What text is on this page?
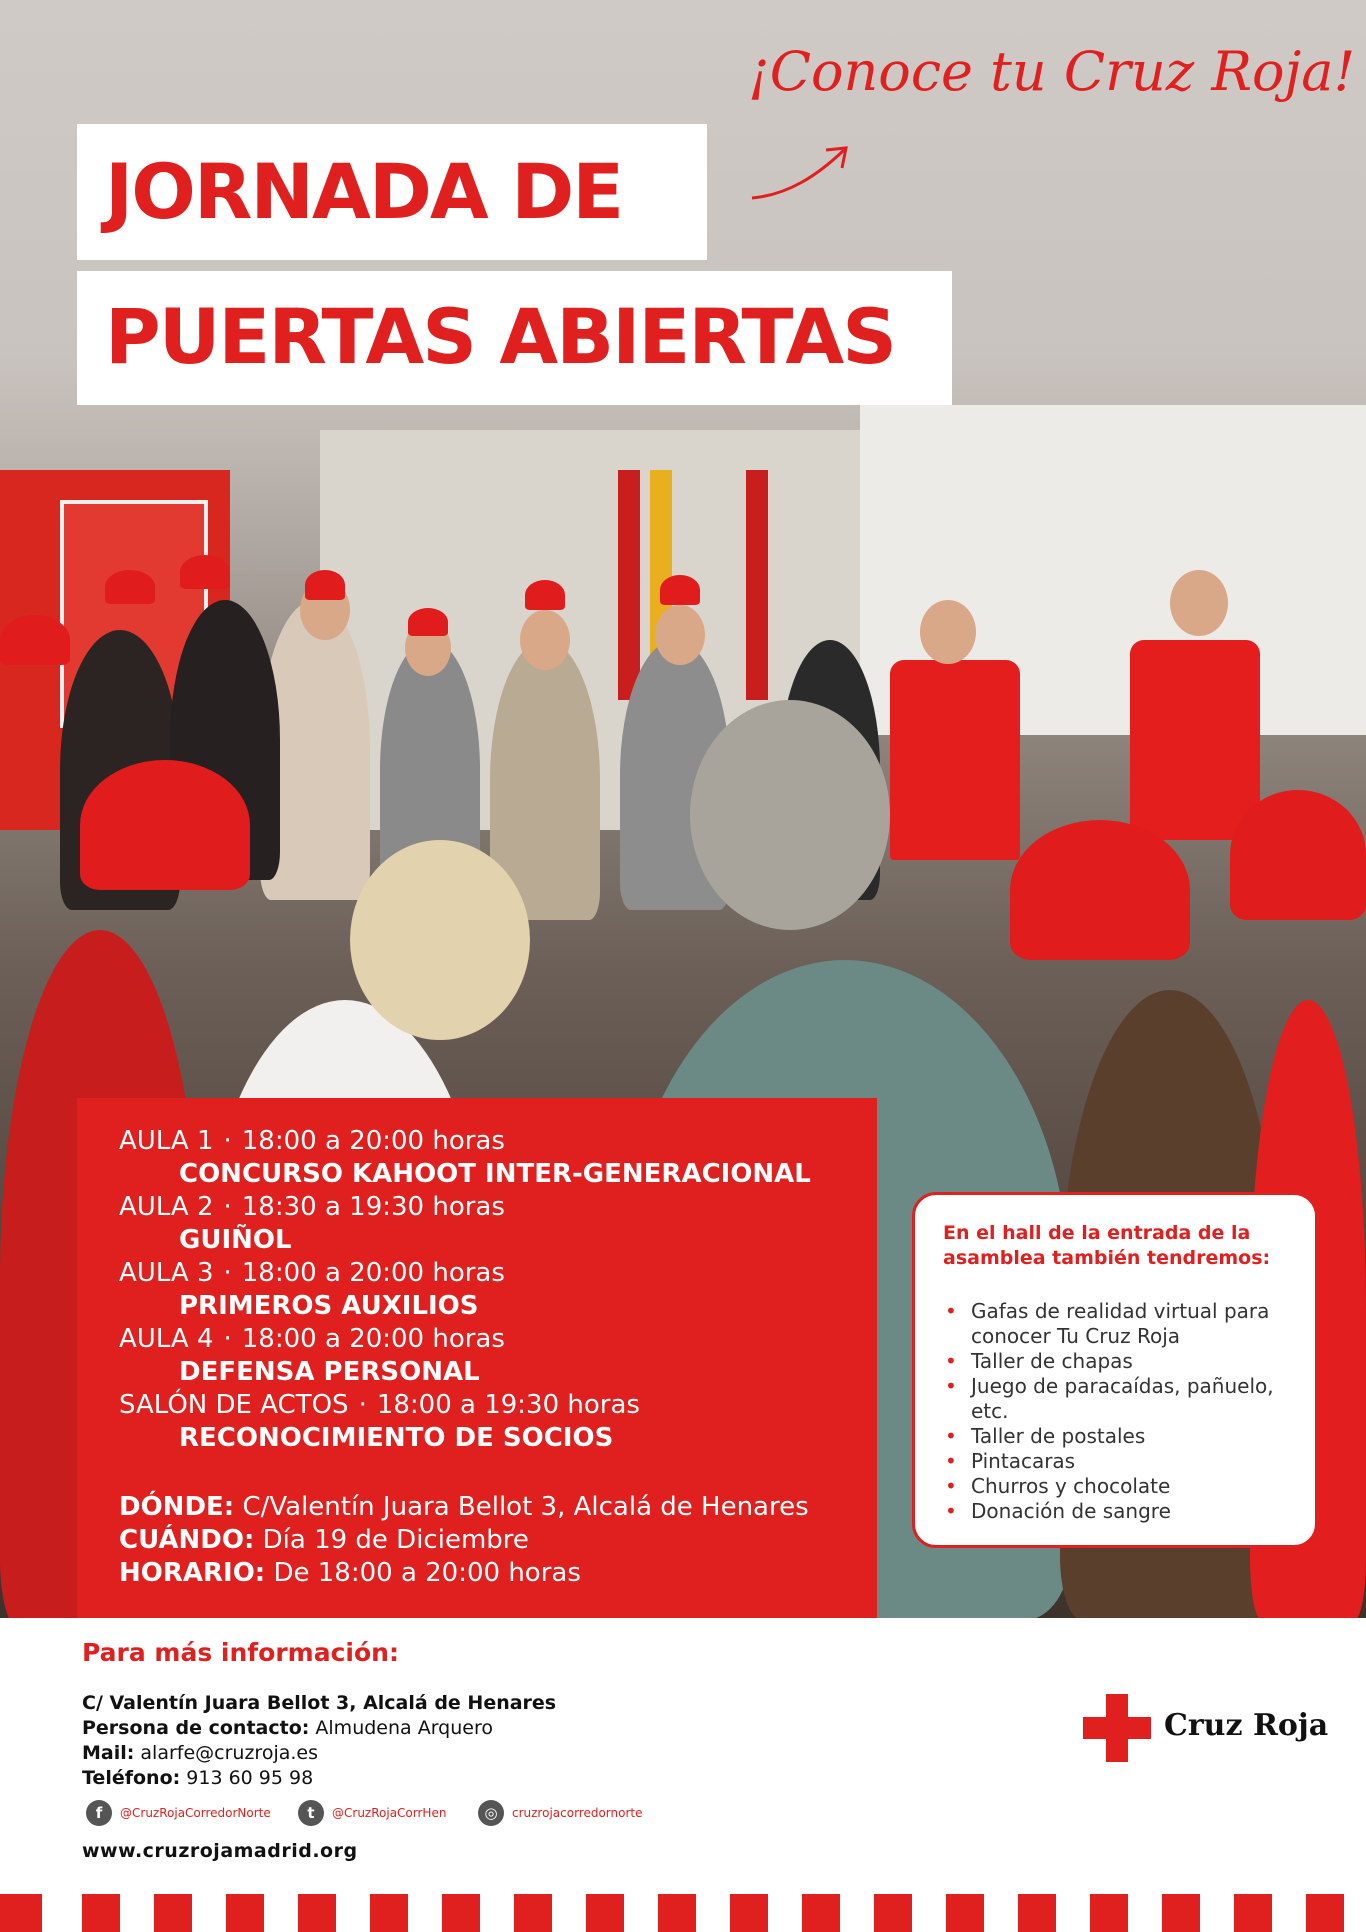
¡Conoce tu Cruz Roja!
JORNADA DE
PUERTAS ABIERTAS
AULA 1 · 18:00 a 20:00 horas
CONCURSO KAHOOT INTER-GENERACIONAL
AULA 2 · 18:30 a 19:30 horas
GUIÑOL
AULA 3 · 18:00 a 20:00 horas
PRIMEROS AUXILIOS
AULA 4 · 18:00 a 20:00 horas
DEFENSA PERSONAL
SALÓN DE ACTOS · 18:00 a 19:30 horas
RECONOCIMIENTO DE SOCIOS
DÓNDE: C/Valentín Juara Bellot 3, Alcalá de Henares
CUÁNDO: Día 19 de Diciembre
HORARIO: De 18:00 a 20:00 horas
En el hall de la entrada de la asamblea también tendremos:
• Gafas de realidad virtual para conocer Tu Cruz Roja
• Taller de chapas
• Juego de paracaídas, pañuelo, etc.
• Taller de postales
• Pintacaras
• Churros y chocolate
• Donación de sangre
Para más información:
C/ Valentín Juara Bellot 3, Alcalá de Henares
Persona de contacto: Almudena Arquero
Mail: alarfe@cruzroja.es
Teléfono: 913 60 95 98
f	@CruzRojaCorredorNorte	t	@CruzRojaCorrHen	◎	cruzrojacorredornorte
www.cruzrojamadrid.org
Cruz Roja
